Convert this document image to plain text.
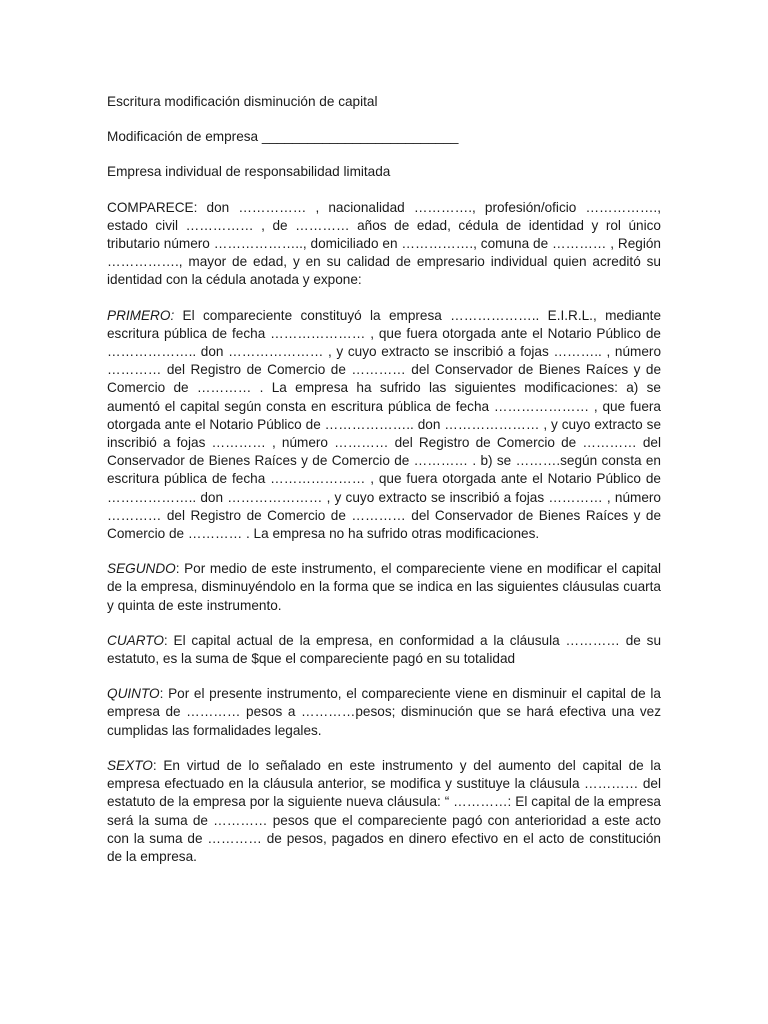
Escritura modificación disminución de capital
Modificación de empresa __________________________
Empresa individual de responsabilidad limitada

COMPARECE: don …………… , nacionalidad …………., profesión/oficio ……………., estado civil …………… , de ………… años de edad, cédula de identidad y rol único tributario número ……………….., domiciliado en ……………., comuna de ………… , Región ……………., mayor de edad, y en su calidad de empresario individual quien acreditó su identidad con la cédula anotada y expone:

PRIMERO: El compareciente constituyó la empresa ……………….. E.I.R.L., mediante escritura pública de fecha ………………… , que fuera otorgada ante el Notario Público de ……………….. don ………………… , y cuyo extracto se inscribió a fojas ……….. , número ………… del Registro de Comercio de ………… del Conservador de Bienes Raíces y de Comercio de ………… . La empresa ha sufrido las siguientes modificaciones: a) se aumentó el capital según consta en escritura pública de fecha ………………… , que fuera otorgada ante el Notario Público de ……………….. don ………………… , y cuyo extracto se inscribió a fojas ………… , número ………… del Registro de Comercio de ………… del Conservador de Bienes Raíces y de Comercio de ………… . b) se ……….según consta en escritura pública de fecha ………………… , que fuera otorgada ante el Notario Público de ……………….. don ………………… , y cuyo extracto se inscribió a fojas ………… , número ………… del Registro de Comercio de ………… del Conservador de Bienes Raíces y de Comercio de ………… . La empresa no ha sufrido otras modificaciones.

SEGUNDO: Por medio de este instrumento, el compareciente viene en modificar el capital de la empresa, disminuyéndolo en la forma que se indica en las siguientes cláusulas cuarta y quinta de este instrumento.

CUARTO: El capital actual de la empresa, en conformidad a la cláusula ………… de su estatuto, es la suma de $que el compareciente pagó en su totalidad

QUINTO: Por el presente instrumento, el compareciente viene en disminuir el capital de la empresa de ………… pesos a …………pesos; disminución que se hará efectiva una vez cumplidas las formalidades legales.

SEXTO: En virtud de lo señalado en este instrumento y del aumento del capital de la empresa efectuado en la cláusula anterior, se modifica y sustituye la cláusula ………… del estatuto de la empresa por la siguiente nueva cláusula: “ …………: El capital de la empresa será la suma de ………… pesos que el compareciente pagó con anterioridad a este acto con la suma de ………… de pesos, pagados en dinero efectivo en el acto de constitución de la empresa.
